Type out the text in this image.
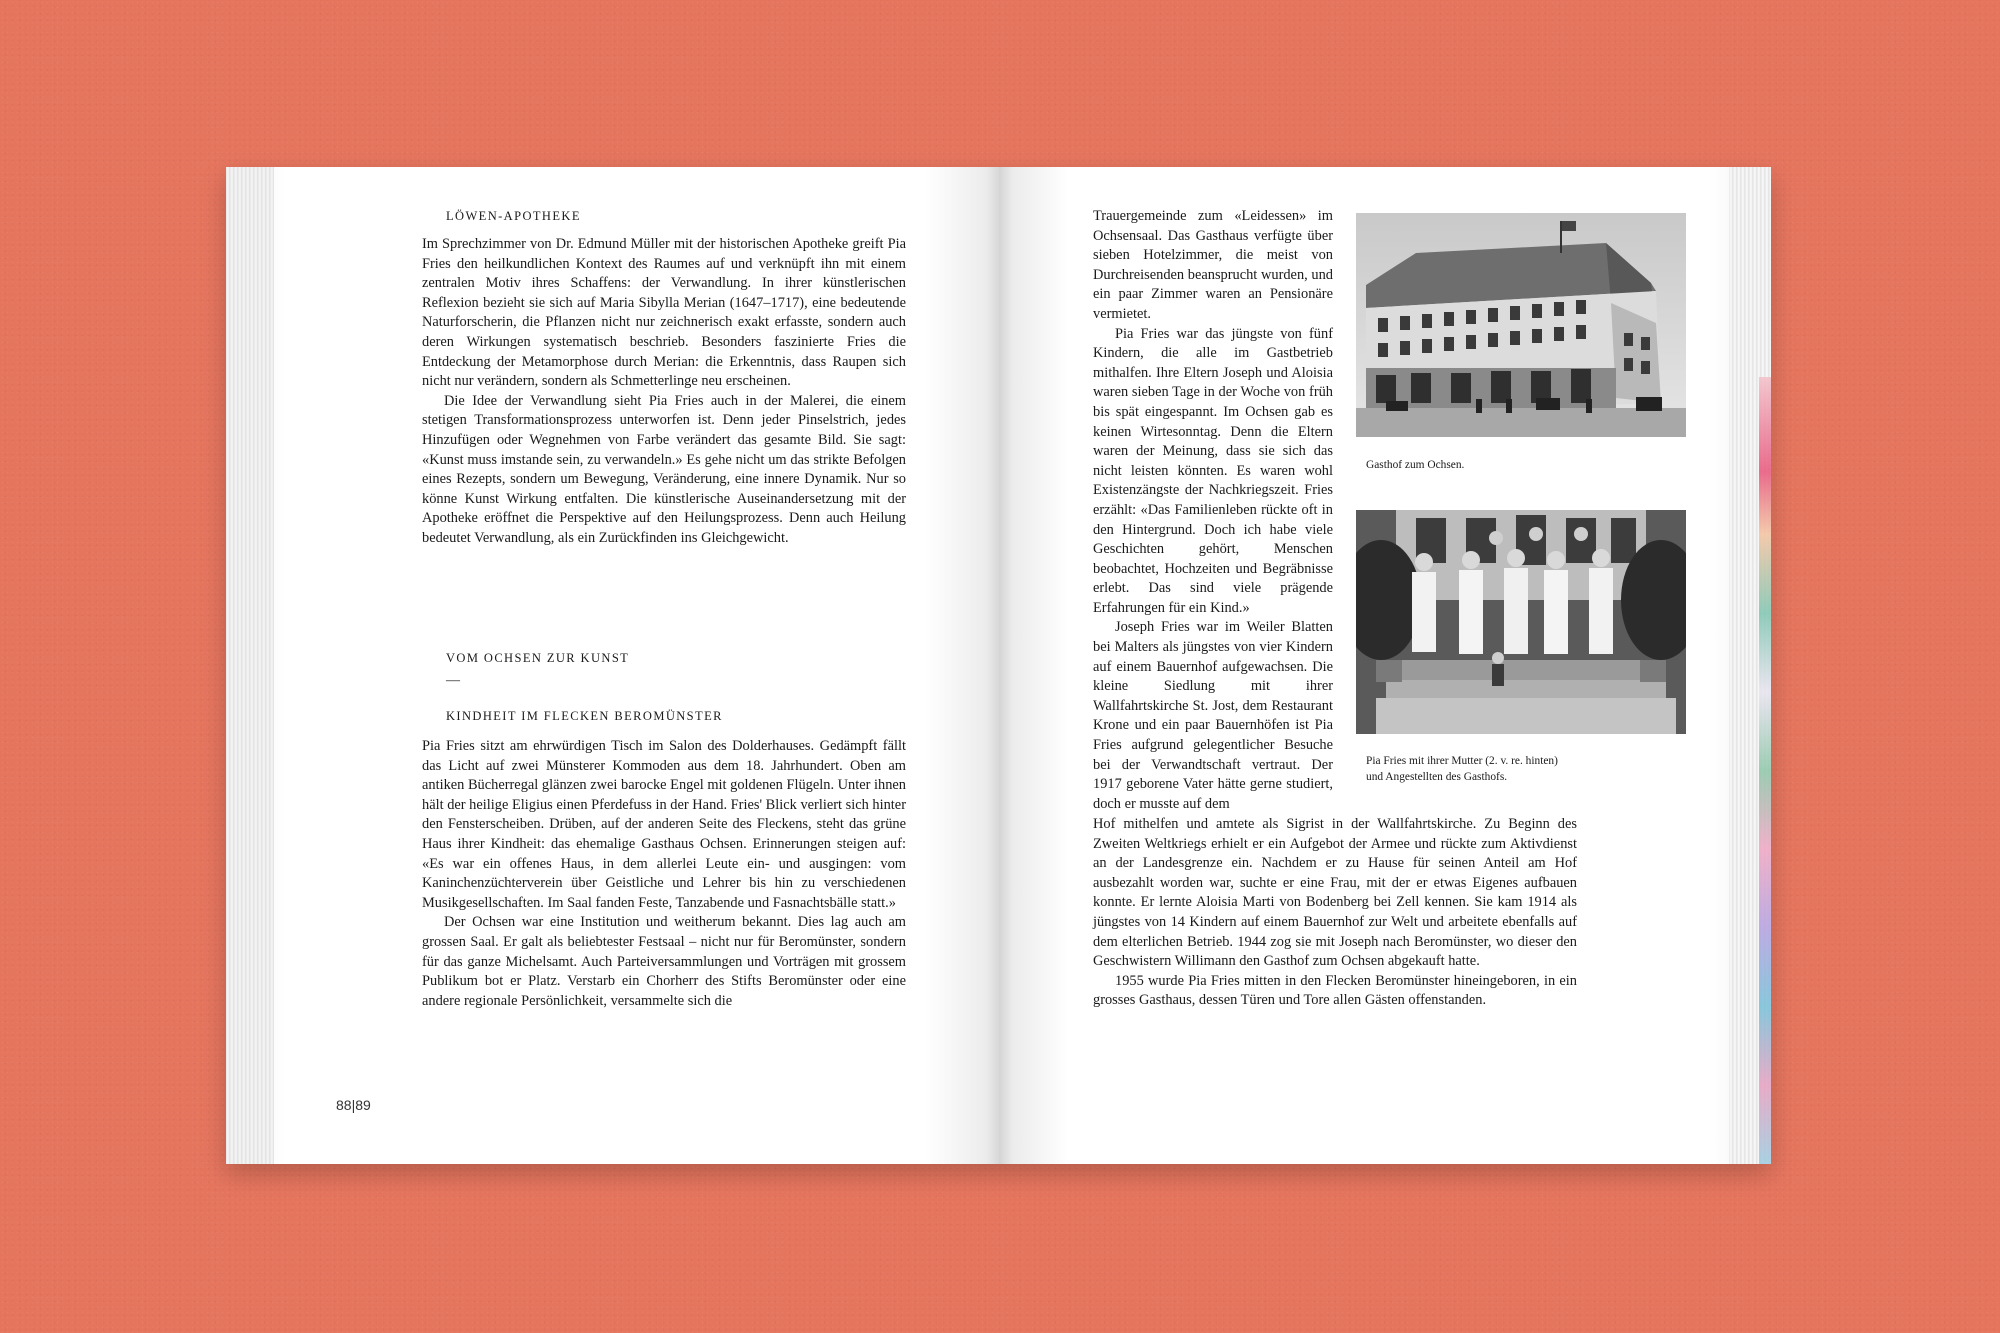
LÖWEN-APOTHEKE

Im Sprechzimmer von Dr. Edmund Müller mit der historischen Apotheke greift Pia Fries den heilkundlichen Kontext des Raumes auf und verknüpft ihn mit einem zentralen Motiv ihres Schaffens: der Verwandlung. In ihrer künstlerischen Reflexion bezieht sie sich auf Maria Sibylla Merian (1647–1717), eine bedeutende Naturforscherin, die Pflanzen nicht nur zeichnerisch exakt erfasste, sondern auch deren Wirkungen systematisch beschrieb. Besonders faszinierte Fries die Entdeckung der Metamorphose durch Merian: die Erkenntnis, dass Raupen sich nicht nur verändern, sondern als Schmetterlinge neu erscheinen.

Die Idee der Verwandlung sieht Pia Fries auch in der Malerei, die einem stetigen Transformationsprozess unterworfen ist. Denn jeder Pinselstrich, jedes Hinzufügen oder Wegnehmen von Farbe verändert das gesamte Bild. Sie sagt: «Kunst muss imstande sein, zu verwandeln.» Es gehe nicht um das strikte Befolgen eines Rezepts, sondern um Bewegung, Veränderung, eine innere Dynamik. Nur so könne Kunst Wirkung entfalten. Die künstlerische Auseinandersetzung mit der Apotheke eröffnet die Perspektive auf den Heilungsprozess. Denn auch Heilung bedeutet Verwandlung, als ein Zurückfinden ins Gleichgewicht.

VOM OCHSEN ZUR KUNST
—
KINDHEIT IM FLECKEN BEROMÜNSTER

Pia Fries sitzt am ehrwürdigen Tisch im Salon des Dolderhauses. Gedämpft fällt das Licht auf zwei Münsterer Kommoden aus dem 18. Jahrhundert. Oben am antiken Bücherregal glänzen zwei barocke Engel mit goldenen Flügeln. Unter ihnen hält der heilige Eligius einen Pferdefuss in der Hand. Fries' Blick verliert sich hinter den Fensterscheiben. Drüben, auf der anderen Seite des Fleckens, steht das grüne Haus ihrer Kindheit: das ehemalige Gasthaus Ochsen. Erinnerungen steigen auf: «Es war ein offenes Haus, in dem allerlei Leute ein- und ausgingen: vom Kaninchenzüchterverein über Geistliche und Lehrer bis hin zu verschiedenen Musikgesellschaften. Im Saal fanden Feste, Tanzabende und Fasnachtsbälle statt.»

Der Ochsen war eine Institution und weitherum bekannt. Dies lag auch am grossen Saal. Er galt als beliebtester Festsaal – nicht nur für Beromünster, sondern für das ganze Michelsamt. Auch Parteiversammlungen und Vorträgen mit grossem Publikum bot er Platz. Verstarb ein Chorherr des Stifts Beromünster oder eine andere regionale Persönlichkeit, versammelte sich die

88|89

Trauergemeinde zum «Leidessen» im Ochsensaal. Das Gasthaus verfügte über sieben Hotelzimmer, die meist von Durchreisenden beansprucht wurden, und ein paar Zimmer waren an Pensionäre vermietet.

Pia Fries war das jüngste von fünf Kindern, die alle im Gastbetrieb mithalfen. Ihre Eltern Joseph und Aloisia waren sieben Tage in der Woche von früh bis spät eingespannt. Im Ochsen gab es keinen Wirtesonntag. Denn die Eltern waren der Meinung, dass sie sich das nicht leisten könnten. Es waren wohl Existenzängste der Nachkriegszeit. Fries erzählt: «Das Familienleben rückte oft in den Hintergrund. Doch ich habe viele Geschichten gehört, Menschen beobachtet, Hochzeiten und Begräbnisse erlebt. Das sind viele prägende Erfahrungen für ein Kind.»

Joseph Fries war im Weiler Blatten bei Malters als jüngstes von vier Kindern auf einem Bauernhof aufgewachsen. Die kleine Siedlung mit ihrer Wallfahrtskirche St. Jost, dem Restaurant Krone und ein paar Bauernhöfen ist Pia Fries aufgrund gelegentlicher Besuche bei der Verwandtschaft vertraut. Der 1917 geborene Vater hätte gerne studiert, doch er musste auf dem

Gasthof zum Ochsen.

Pia Fries mit ihrer Mutter (2. v. re. hinten)
und Angestellten des Gasthofs.

Hof mithelfen und amtete als Sigrist in der Wallfahrtskirche. Zu Beginn des Zweiten Weltkriegs erhielt er ein Aufgebot der Armee und rückte zum Aktivdienst an der Landesgrenze ein. Nachdem er zu Hause für seinen Anteil am Hof ausbezahlt worden war, suchte er eine Frau, mit der er etwas Eigenes aufbauen konnte. Er lernte Aloisia Marti von Bodenberg bei Zell kennen. Sie kam 1914 als jüngstes von 14 Kindern auf einem Bauernhof zur Welt und arbeitete ebenfalls auf dem elterlichen Betrieb. 1944 zog sie mit Joseph nach Beromünster, wo dieser den Geschwistern Willimann den Gasthof zum Ochsen abgekauft hatte.

1955 wurde Pia Fries mitten in den Flecken Beromünster hineingeboren, in ein grosses Gasthaus, dessen Türen und Tore allen Gästen offenstanden.
